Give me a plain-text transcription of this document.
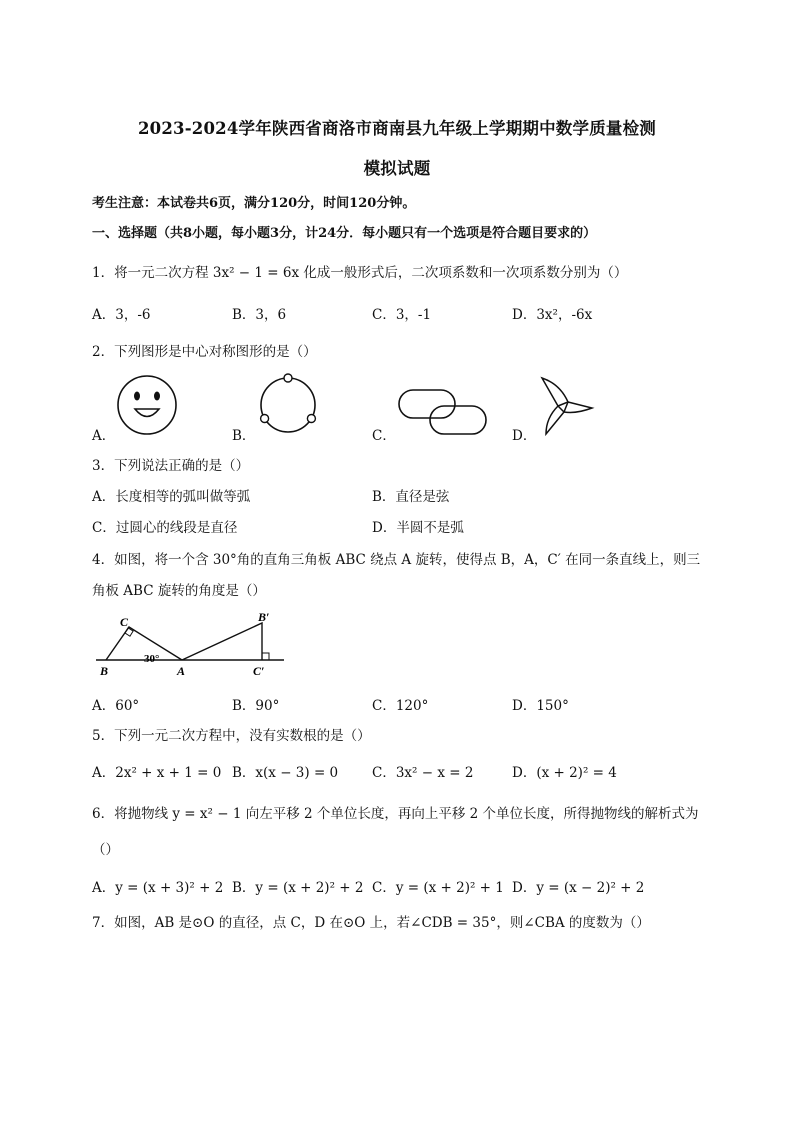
2023-2024学年陕西省商洛市商南县九年级上学期期中数学质量检测
模拟试题
考生注意：本试卷共6页，满分120分，时间120分钟。
一、选择题（共8小题，每小题3分，计24分．每小题只有一个选项是符合题目要求的）
1．将一元二次方程 3x² − 1 = 6x 化成一般形式后，二次项系数和一次项系数分别为（）
A．3，-6	B．3，6	C．3，-1	D．3x²，-6x
2．下列图形是中心对称图形的是（）
A．	B．	C．	D．
3．下列说法正确的是（）
A．长度相等的弧叫做等弧	B．直径是弦
C．过圆心的线段是直径	D．半圆不是弧
4．如图，将一个含 30°角的直角三角板 ABC 绕点 A 旋转，使得点 B，A，C′ 在同一条直线上，则三
角板 ABC 旋转的角度是（）
C
B	A
B′
C′
30°
A．60°	B．90°	C．120°	D．150°
5．下列一元二次方程中，没有实数根的是（）
A．2x² + x + 1 = 0 B．x(x − 3) = 0	C．3x² − x = 2	D．(x + 2)² = 4
6．将抛物线 y = x² − 1 向左平移 2 个单位长度，再向上平移 2 个单位长度，所得抛物线的解析式为
（）
A．y = (x + 3)² + 2 B．y = (x + 2)² + 2 C．y = (x + 2)² + 1 D．y = (x − 2)² + 2
7．如图，AB 是⊙O 的直径，点 C，D 在⊙O 上，若∠CDB = 35°，则∠CBA 的度数为（）
